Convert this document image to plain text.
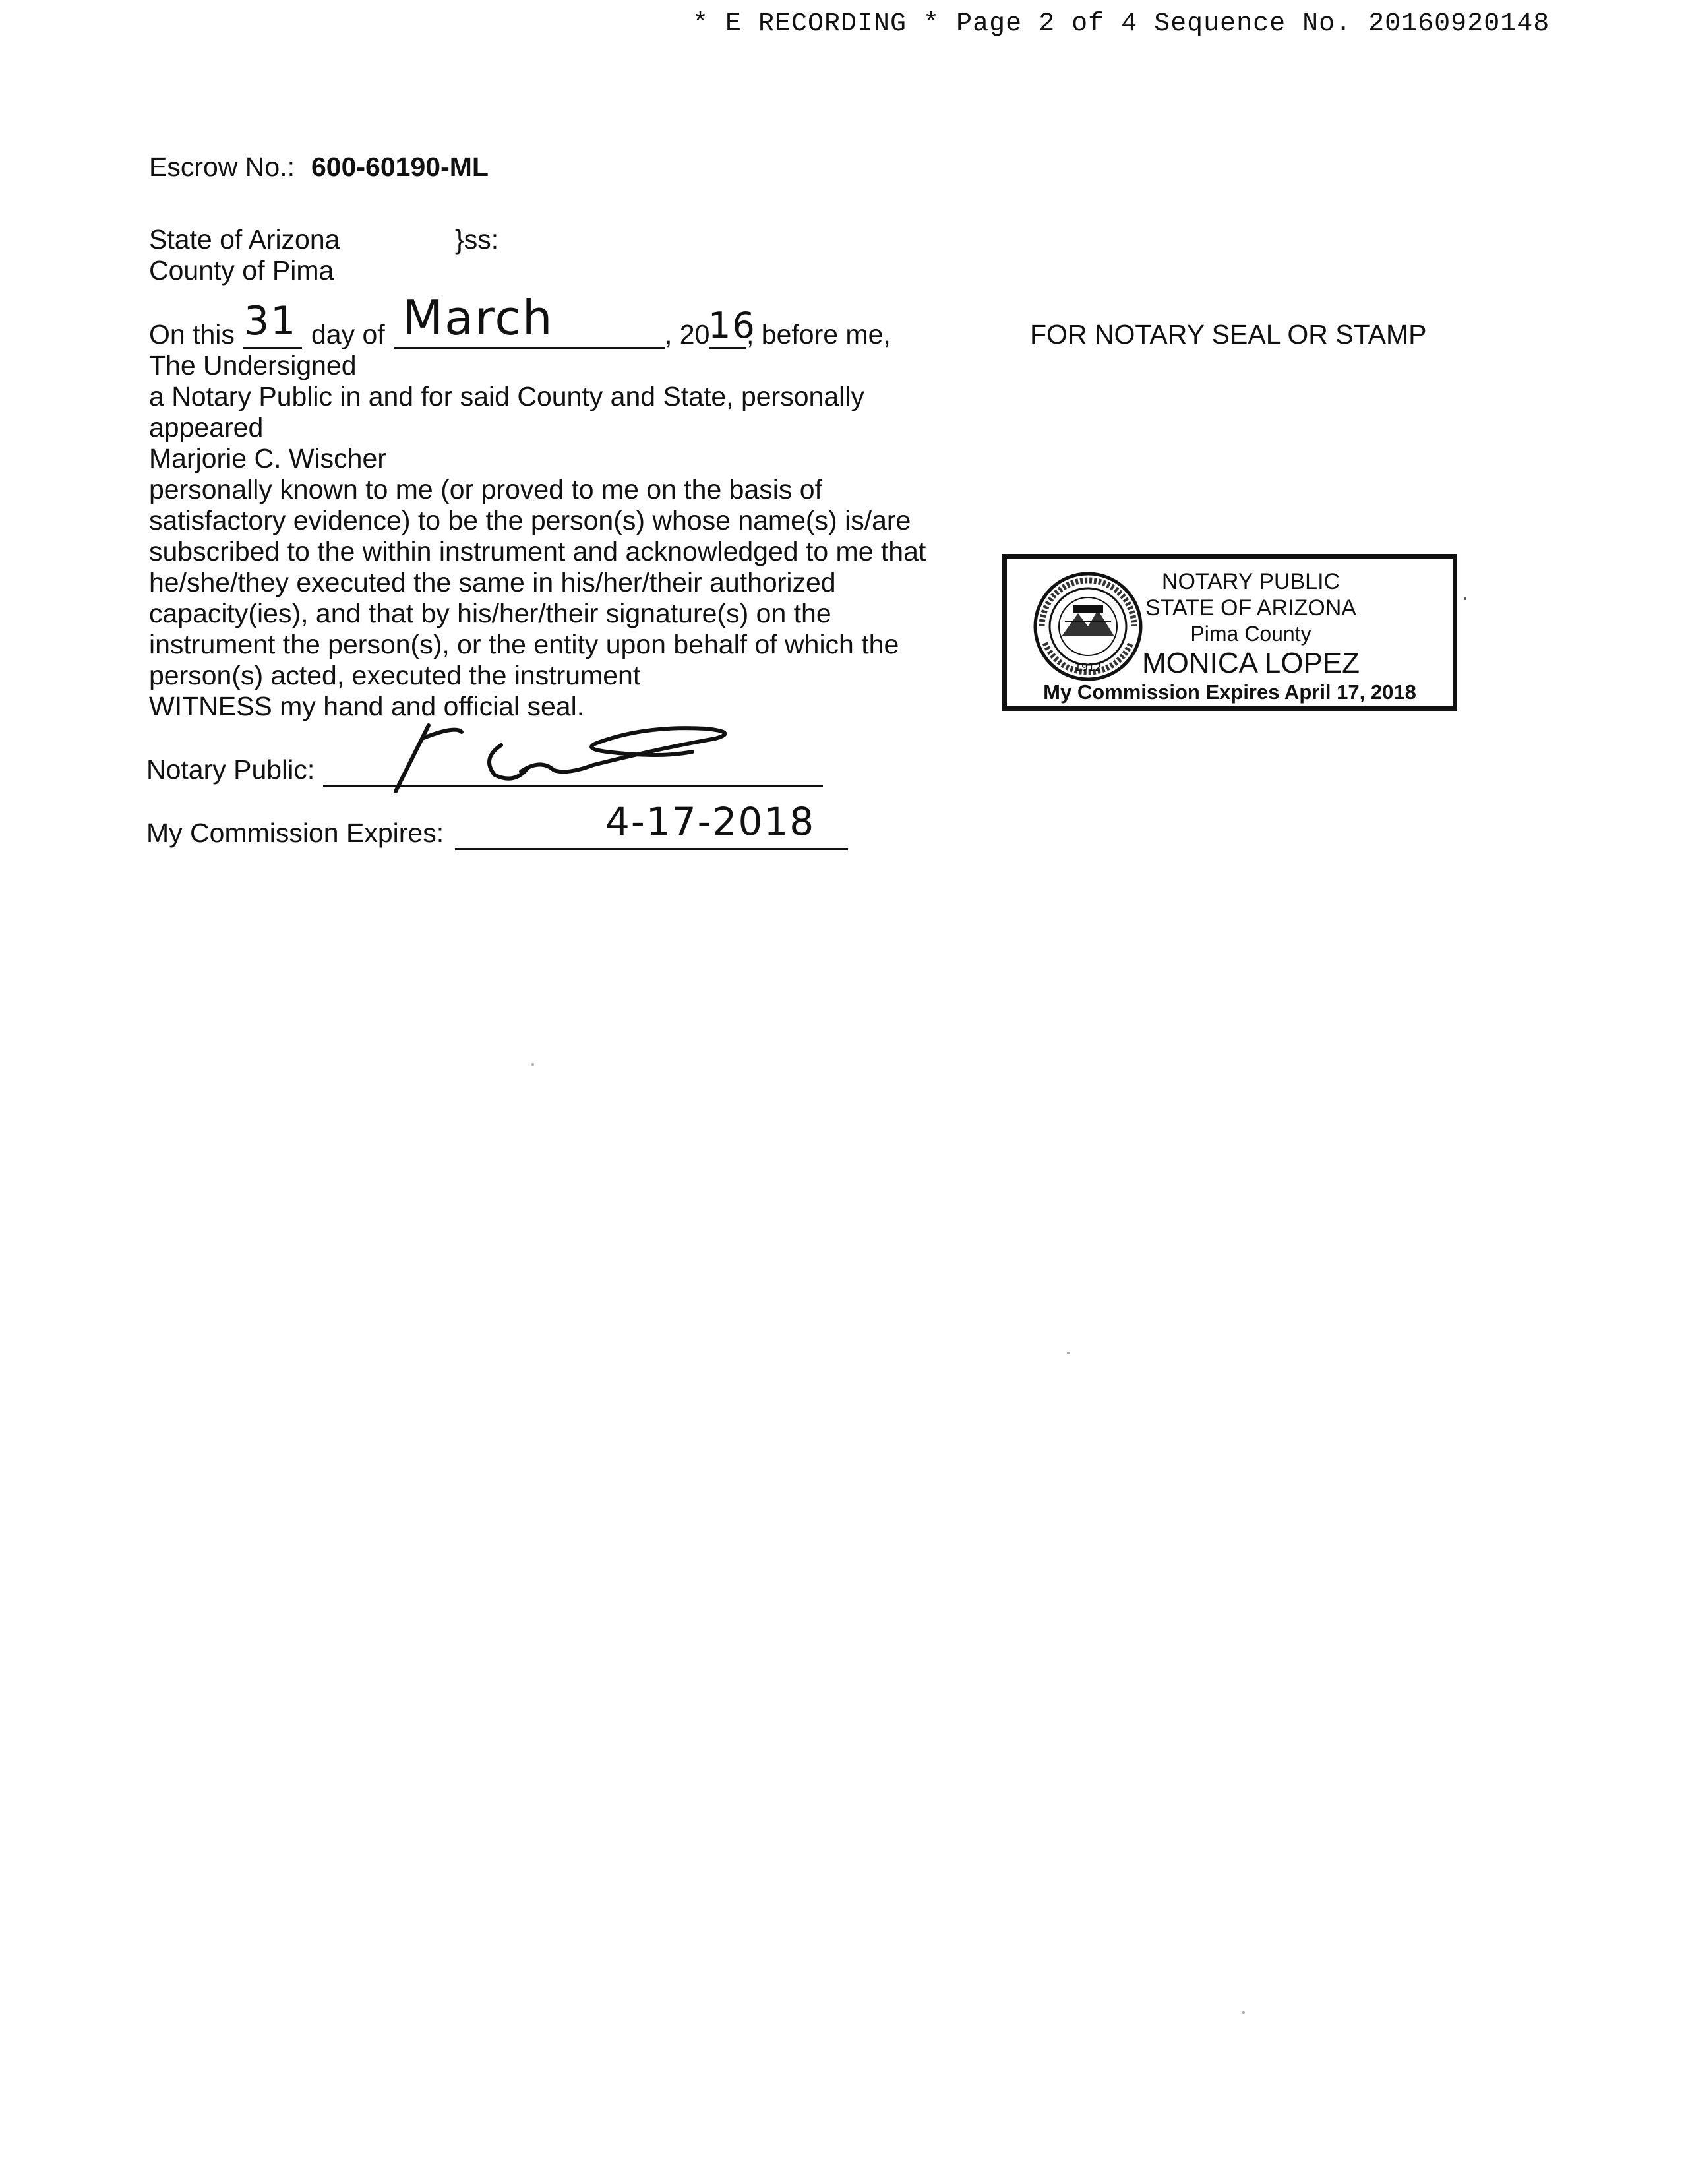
* E RECORDING * Page 2 of 4 Sequence No. 20160920148
Escrow No.: 600-60190-ML
State of Arizona	}ss:
County of Pima
On this 31 day of March	, 20
16
, before me,
The Undersigned
a Notary Public in and for said County and State, personally
appeared
Marjorie C. Wischer
personally known to me (or proved to me on the basis of
satisfactory evidence) to be the person(s) whose name(s) is/are
subscribed to the within instrument and acknowledged to me that
he/she/they executed the same in his/her/their authorized
capacity(ies), and that by his/her/their signature(s) on the
instrument the person(s), or the entity upon behalf of which the
person(s) acted, executed the instrument
WITNESS my hand and official seal.
Notary Public:
My Commission Expires:	4-17-2018
FOR NOTARY SEAL OR STAMP
1912
NOTARY PUBLIC
STATE OF ARIZONA
Pima County
MONICA LOPEZ
My Commission Expires April 17, 2018
